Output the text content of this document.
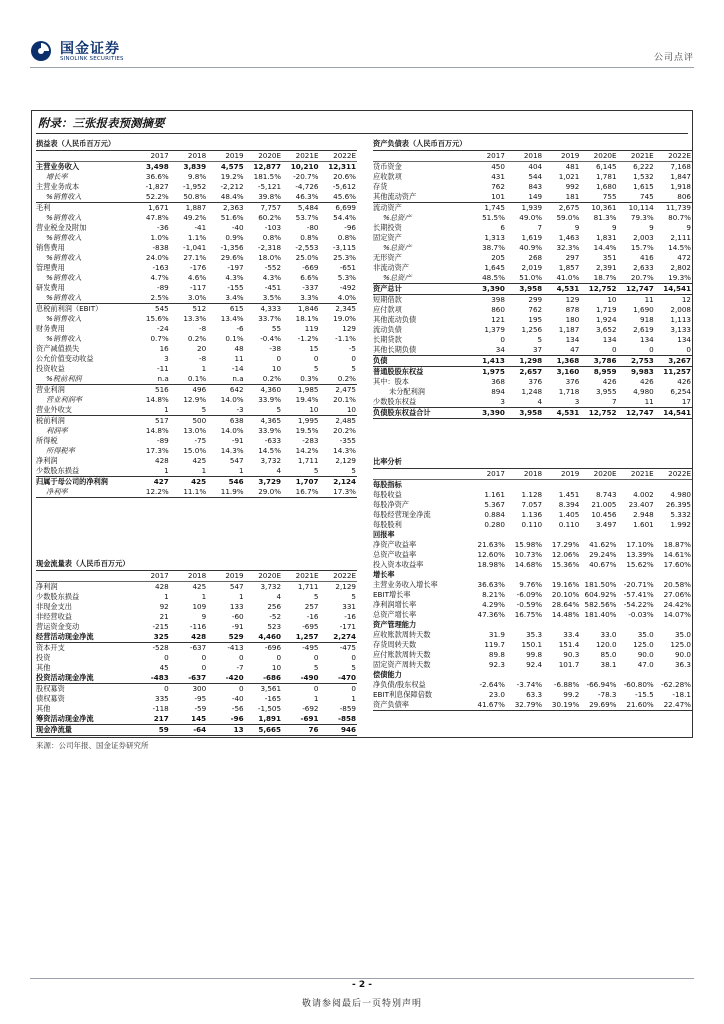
国金证券
SINOLINK SECURITIES	公司点评
附录：三张报表预测摘要
损益表（人民币百万元）
	2017	2018	2019	2020E	2021E	2022E
主营业务收入	3,498	3,839	4,575	12,877	10,210	12,311
增长率	36.6%	9.8%	19.2%	181.5%	-20.7%	20.6%
主营业务成本	-1,827	-1,952	-2,212	-5,121	-4,726	-5,612
%销售收入	52.2%	50.8%	48.4%	39.8%	46.3%	45.6%
毛利	1,671	1,887	2,363	7,757	5,484	6,699
%销售收入	47.8%	49.2%	51.6%	60.2%	53.7%	54.4%
营业税金及附加	-36	-41	-40	-103	-80	-96
%销售收入	1.0%	1.1%	0.9%	0.8%	0.8%	0.8%
销售费用	-838	-1,041	-1,356	-2,318	-2,553	-3,115
%销售收入	24.0%	27.1%	29.6%	18.0%	25.0%	25.3%
管理费用	-163	-176	-197	-552	-669	-651
%销售收入	4.7%	4.6%	4.3%	4.3%	6.6%	5.3%
研发费用	-89	-117	-155	-451	-337	-492
%销售收入	2.5%	3.0%	3.4%	3.5%	3.3%	4.0%
息税前利润（EBIT）	545	512	615	4,333	1,846	2,345
%销售收入	15.6%	13.3%	13.4%	33.7%	18.1%	19.0%
财务费用	-24	-8	-6	55	119	129
%销售收入	0.7%	0.2%	0.1%	-0.4%	-1.2%	-1.1%
资产减值损失	16	20	48	-38	15	-5
公允价值变动收益	3	-8	11	0	0	0
投资收益	-11	1	-14	10	5	5
%税前利润	n.a	0.1%	n.a	0.2%	0.3%	0.2%
营业利润	516	496	642	4,360	1,985	2,475
营业利润率	14.8%	12.9%	14.0%	33.9%	19.4%	20.1%
营业外收支	1	5	-3	5	10	10
税前利润	517	500	638	4,365	1,995	2,485
利润率	14.8%	13.0%	14.0%	33.9%	19.5%	20.2%
所得税	-89	-75	-91	-633	-283	-355
所得税率	17.3%	15.0%	14.3%	14.5%	14.2%	14.3%
净利润	428	425	547	3,732	1,711	2,129
少数股东损益	1	1	1	4	5	5
归属于母公司的净利润	427	425	546	3,729	1,707	2,124
净利率	12.2%	11.1%	11.9%	29.0%	16.7%	17.3%
资产负债表（人民币百万元）
	2017	2018	2019	2020E	2021E	2022E
货币资金	450	404	481	6,145	6,222	7,168
应收款项	431	544	1,021	1,781	1,532	1,847
存货	762	843	992	1,680	1,615	1,918
其他流动资产	101	149	181	755	745	806
流动资产	1,745	1,939	2,675	10,361	10,114	11,739
%总资产	51.5%	49.0%	59.0%	81.3%	79.3%	80.7%
长期投资	6	7	9	9	9	9
固定资产	1,313	1,619	1,463	1,831	2,003	2,111
%总资产	38.7%	40.9%	32.3%	14.4%	15.7%	14.5%
无形资产	205	268	297	351	416	472
非流动资产	1,645	2,019	1,857	2,391	2,633	2,802
%总资产	48.5%	51.0%	41.0%	18.7%	20.7%	19.3%
资产总计	3,390	3,958	4,531	12,752	12,747	14,541
短期借款	398	299	129	10	11	12
应付款项	860	762	878	1,719	1,690	2,008
其他流动负债	121	195	180	1,924	918	1,113
流动负债	1,379	1,256	1,187	3,652	2,619	3,133
长期贷款	0	5	134	134	134	134
其他长期负债	34	37	47	0	0	0
负债	1,413	1,298	1,368	3,786	2,753	3,267
普通股股东权益	1,975	2,657	3,160	8,959	9,983	11,257
其中：股本	368	376	376	426	426	426
未分配利润	894	1,248	1,718	3,955	4,980	6,254
少数股东权益	3	4	3	7	11	17
负债股东权益合计	3,390	3,958	4,531	12,752	12,747	14,541
比率分析
	2017	2018	2019	2020E	2021E	2022E
每股指标						
每股收益	1.161	1.128	1.451	8.743	4.002	4.980
每股净资产	5.367	7.057	8.394	21.005	23.407	26.395
每股经营现金净流	0.884	1.136	1.405	10.456	2.948	5.332
每股股利	0.280	0.110	0.110	3.497	1.601	1.992
回报率						
净资产收益率	21.63%	15.98%	17.29%	41.62%	17.10%	18.87%
总资产收益率	12.60%	10.73%	12.06%	29.24%	13.39%	14.61%
投入资本收益率	18.98%	14.68%	15.36%	40.67%	15.62%	17.60%
增长率						
主营业务收入增长率	36.63%	9.76%	19.16%	181.50%	-20.71%	20.58%
EBIT增长率	8.21%	-6.09%	20.10%	604.92%	-57.41%	27.06%
净利润增长率	4.29%	-0.59%	28.64%	582.56%	-54.22%	24.42%
总资产增长率	47.36%	16.75%	14.48%	181.40%	-0.03%	14.07%
资产管理能力						
应收账款周转天数	31.9	35.3	33.4	33.0	35.0	35.0
存货周转天数	119.7	150.1	151.4	120.0	125.0	125.0
应付账款周转天数	89.8	99.8	90.3	85.0	90.0	90.0
固定资产周转天数	92.3	92.4	101.7	38.1	47.0	36.3
偿债能力						
净负债/股东权益	-2.64%	-3.74%	-6.88%	-66.94%	-60.80%	-62.28%
EBIT利息保障倍数	23.0	63.3	99.2	-78.3	-15.5	-18.1
资产负债率	41.67%	32.79%	30.19%	29.69%	21.60%	22.47%
现金流量表（人民币百万元）
	2017	2018	2019	2020E	2021E	2022E
净利润	428	425	547	3,732	1,711	2,129
少数股东损益	1	1	1	4	5	5
非现金支出	92	109	133	256	257	331
非经营收益	21	9	-60	-52	-16	-16
营运资金变动	-215	-116	-91	523	-695	-171
经营活动现金净流	325	428	529	4,460	1,257	2,274
资本开支	-528	-637	-413	-696	-495	-475
投资	0	0	0	0	0	0
其他	45	0	-7	10	5	5
投资活动现金净流	-483	-637	-420	-686	-490	-470
股权募资	0	300	0	3,561	0	0
债权募资	335	-95	-40	-165	1	1
其他	-118	-59	-56	-1,505	-692	-859
筹资活动现金净流	217	145	-96	1,891	-691	-858
现金净流量	59	-64	13	5,665	76	946
来源：公司年报、国金证券研究所
- 2 -
敬请参阅最后一页特别声明
